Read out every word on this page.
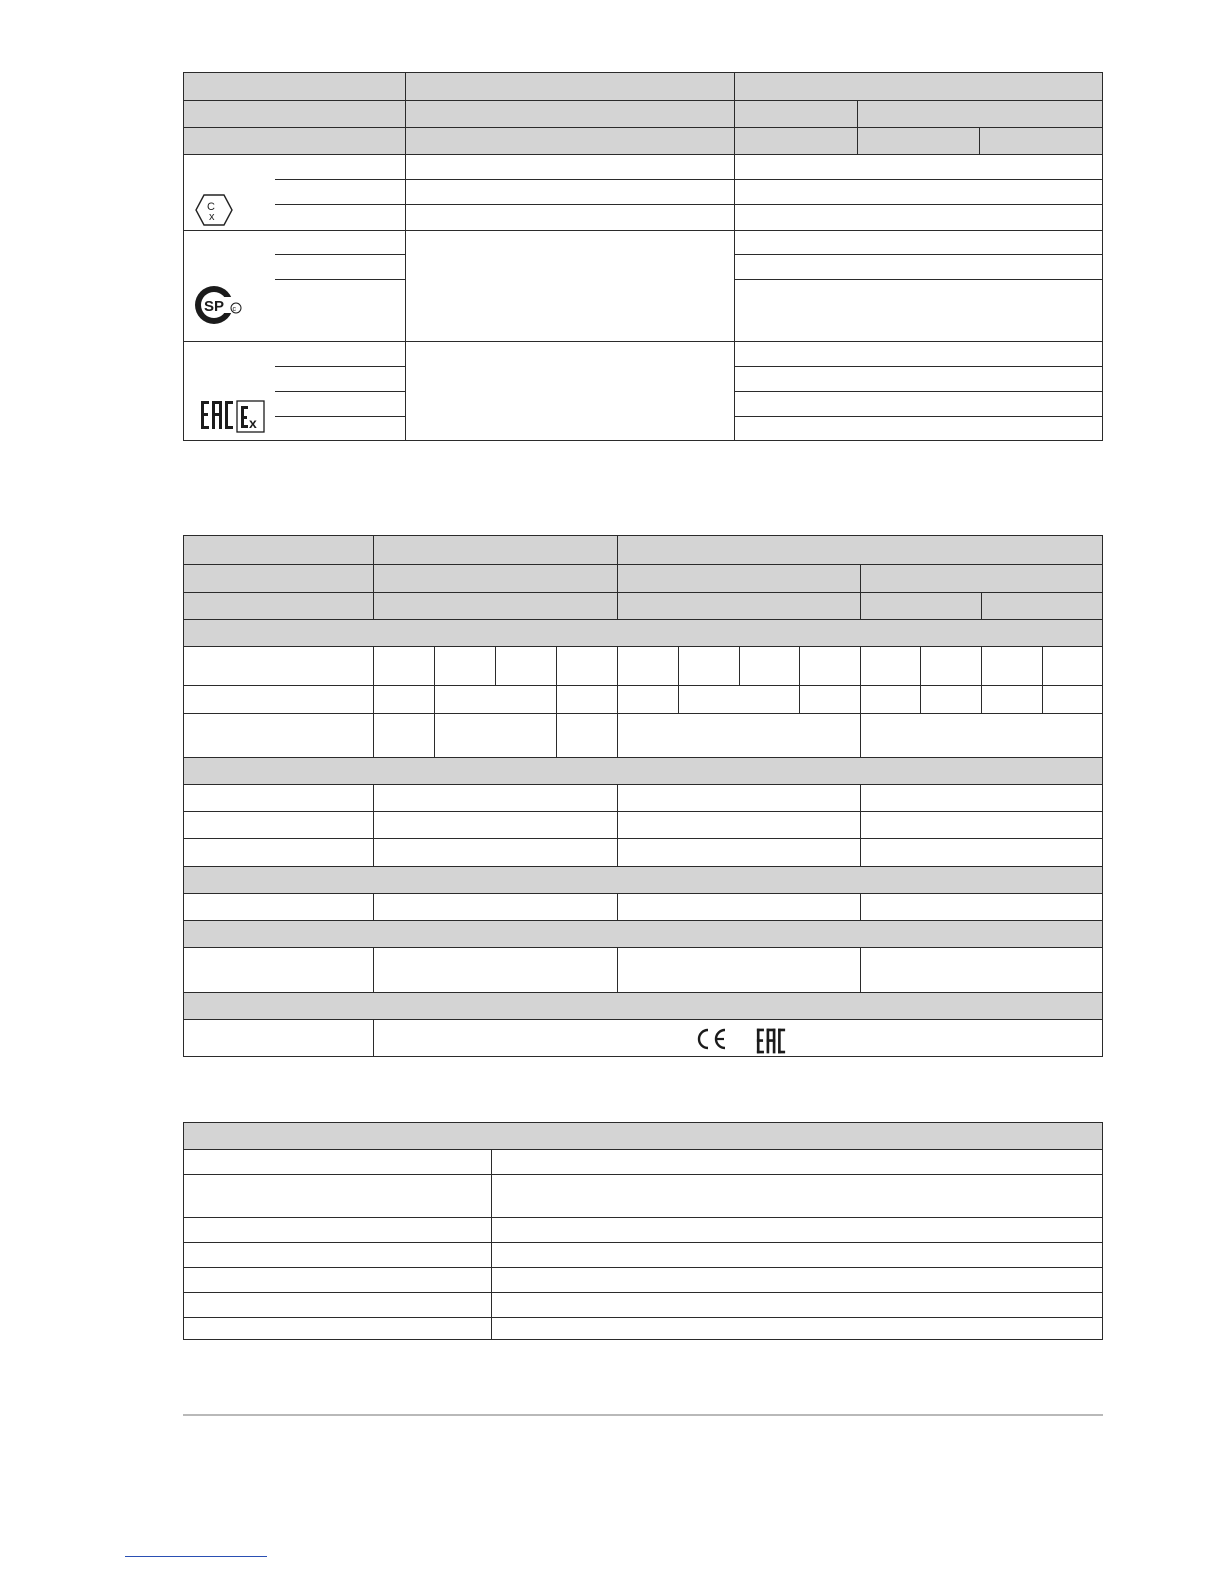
C
x
SP c
x
